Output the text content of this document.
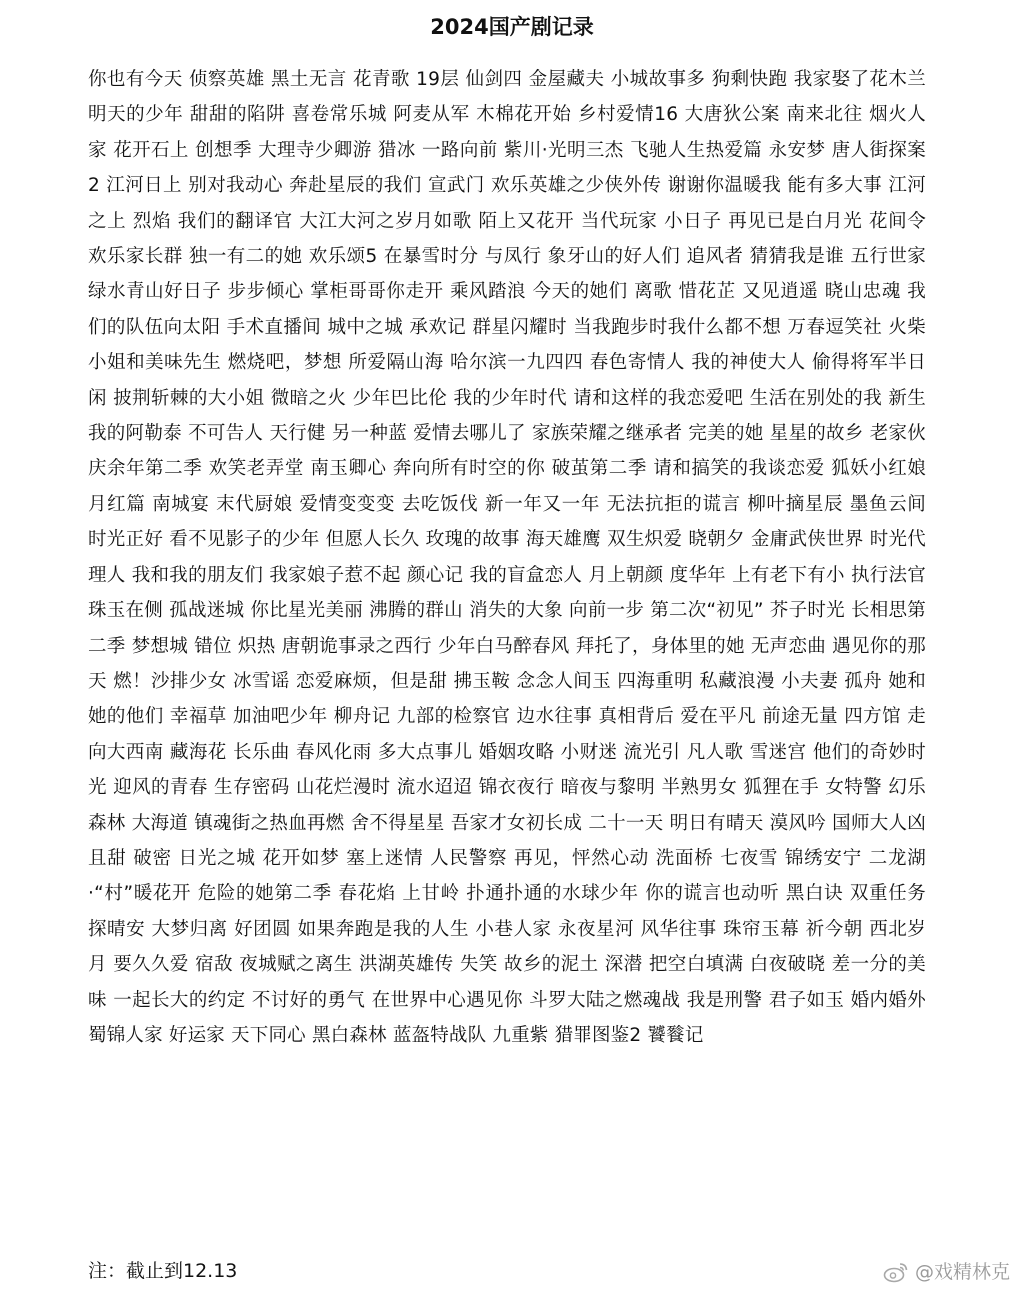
2024国产剧记录

你也有今天 侦察英雄 黑土无言 花青歌 19层 仙剑四 金屋藏夫 小城故事多 狗剩快跑 我家娶了花木兰 明天的少年 甜甜的陷阱 喜卷常乐城 阿麦从军 木棉花开始 乡村爱情16 大唐狄公案 南来北往 烟火人家 花开石上 创想季 大理寺少卿游 猎冰 一路向前 紫川·光明三杰 飞驰人生热爱篇 永安梦 唐人街探案2 江河日上 别对我动心 奔赴星辰的我们 宣武门 欢乐英雄之少侠外传 谢谢你温暖我 能有多大事 江河之上 烈焰 我们的翻译官 大江大河之岁月如歌 陌上又花开 当代玩家 小日子 再见已是白月光 花间令 欢乐家长群 独一有二的她 欢乐颂5 在暴雪时分 与凤行 象牙山的好人们 追风者 猜猜我是谁 五行世家 绿水青山好日子 步步倾心 掌柜哥哥你走开 乘风踏浪 今天的她们 离歌 惜花芷 又见逍遥 晓山忠魂 我们的队伍向太阳 手术直播间 城中之城 承欢记 群星闪耀时 当我跑步时我什么都不想 万春逗笑社 火柴小姐和美味先生 燃烧吧，梦想 所爱隔山海 哈尔滨一九四四 春色寄情人 我的神使大人 偷得将军半日闲 披荆斩棘的大小姐 微暗之火 少年巴比伦 我的少年时代 请和这样的我恋爱吧 生活在别处的我 新生 我的阿勒泰 不可告人 天行健 另一种蓝 爱情去哪儿了 家族荣耀之继承者 完美的她 星星的故乡 老家伙 庆余年第二季 欢笑老弄堂 南玉卿心 奔向所有时空的你 破茧第二季 请和搞笑的我谈恋爱 狐妖小红娘月红篇 南城宴 末代厨娘 爱情变变变 去吃饭伐 新一年又一年 无法抗拒的谎言 柳叶摘星辰 墨鱼云间 时光正好 看不见影子的少年 但愿人长久 玫瑰的故事 海天雄鹰 双生炽爱 晓朝夕 金庸武侠世界 时光代理人 我和我的朋友们 我家娘子惹不起 颜心记 我的盲盒恋人 月上朝颜 度华年 上有老下有小 执行法官 珠玉在侧 孤战迷城 你比星光美丽 沸腾的群山 消失的大象 向前一步 第二次“初见” 芥子时光 长相思第二季 梦想城 错位 炽热 唐朝诡事录之西行 少年白马醉春风 拜托了，身体里的她 无声恋曲 遇见你的那天 燃！沙排少女 冰雪谣 恋爱麻烦，但是甜 拂玉鞍 念念人间玉 四海重明 私藏浪漫 小夫妻 孤舟 她和她的他们 幸福草 加油吧少年 柳舟记 九部的检察官 边水往事 真相背后 爱在平凡 前途无量 四方馆 走向大西南 藏海花 长乐曲 春风化雨 多大点事儿 婚姻攻略 小财迷 流光引 凡人歌 雪迷宫 他们的奇妙时光 迎风的青春 生存密码 山花烂漫时 流水迢迢 锦衣夜行 暗夜与黎明 半熟男女 狐狸在手 女特警 幻乐森林 大海道 镇魂街之热血再燃 舍不得星星 吾家才女初长成 二十一天 明日有晴天 漠风吟 国师大人凶且甜 破密 日光之城 花开如梦 塞上迷情 人民警察 再见，怦然心动 洗面桥 七夜雪 锦绣安宁 二龙湖·“村”暖花开 危险的她第二季 春花焰 上甘岭 扑通扑通的水球少年 你的谎言也动听 黑白诀 双重任务 探晴安 大梦归离 好团圆 如果奔跑是我的人生 小巷人家 永夜星河 风华往事 珠帘玉幕 祈今朝 西北岁月 要久久爱 宿敌 夜城赋之离生 洪湖英雄传 失笑 故乡的泥土 深潜 把空白填满 白夜破晓 差一分的美味 一起长大的约定 不讨好的勇气 在世界中心遇见你 斗罗大陆之燃魂战 我是刑警 君子如玉 婚内婚外 蜀锦人家 好运家 天下同心 黑白森林 蓝盔特战队 九重紫 猎罪图鉴2 饕餮记

注：截止到12.13	@戏精林克
